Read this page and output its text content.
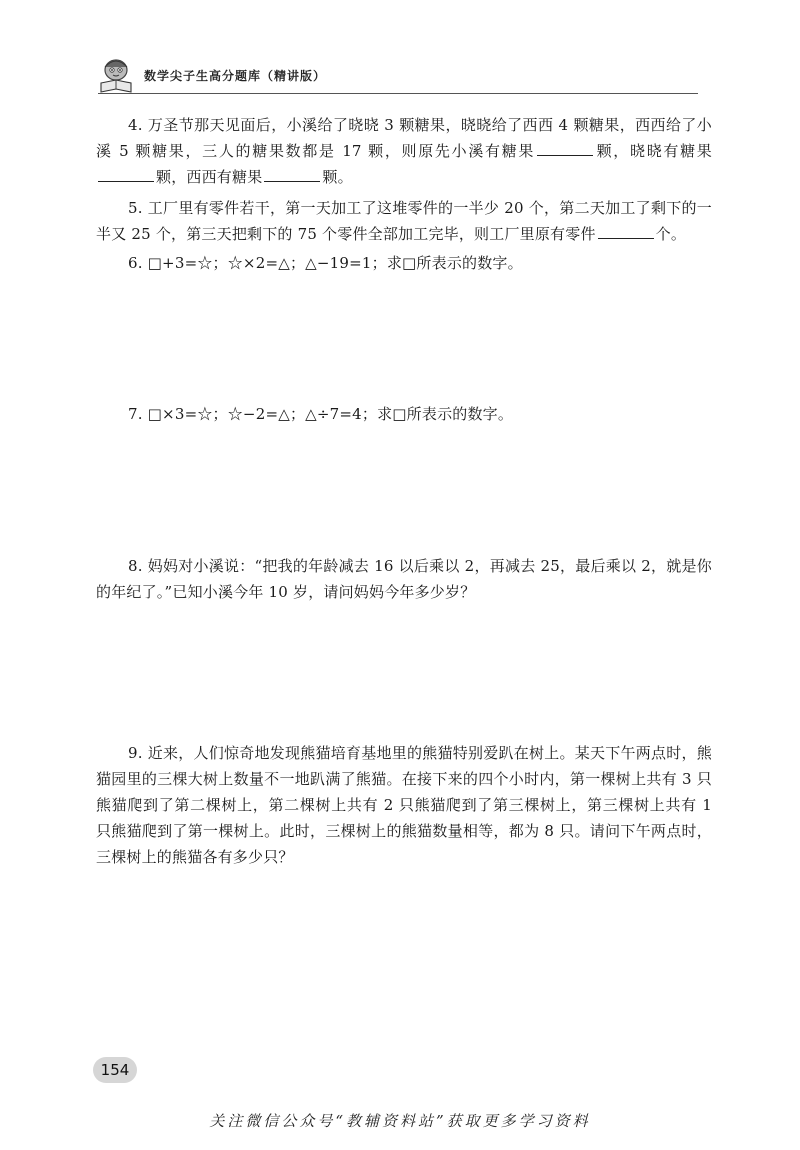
数学尖子生高分题库（精讲版）

4. 万圣节那天见面后，小溪给了晓晓 3 颗糖果，晓晓给了西西 4 颗糖果，西西给了小溪 5 颗糖果，三人的糖果数都是 17 颗，则原先小溪有糖果	颗，晓晓有糖果颗，西西有糖果	颗。

5. 工厂里有零件若干，第一天加工了这堆零件的一半少 20 个，第二天加工了剩下的一半又 25 个，第三天把剩下的 75 个零件全部加工完毕，则工厂里原有零件	个。

6. □+3=☆；☆×2=△；△−19=1；求□所表示的数字。

7. □×3=☆；☆−2=△；△÷7=4；求□所表示的数字。

8. 妈妈对小溪说：“把我的年龄减去 16 以后乘以 2，再减去 25，最后乘以 2，就是你的年纪了。”已知小溪今年 10 岁，请问妈妈今年多少岁？

9. 近来，人们惊奇地发现熊猫培育基地里的熊猫特别爱趴在树上。某天下午两点时，熊猫园里的三棵大树上数量不一地趴满了熊猫。在接下来的四个小时内，第一棵树上共有 3 只熊猫爬到了第二棵树上，第二棵树上共有 2 只熊猫爬到了第三棵树上，第三棵树上共有 1 只熊猫爬到了第一棵树上。此时，三棵树上的熊猫数量相等，都为 8 只。请问下午两点时，三棵树上的熊猫各有多少只？

154
关注微信公众号“教辅资料站”获取更多学习资料
